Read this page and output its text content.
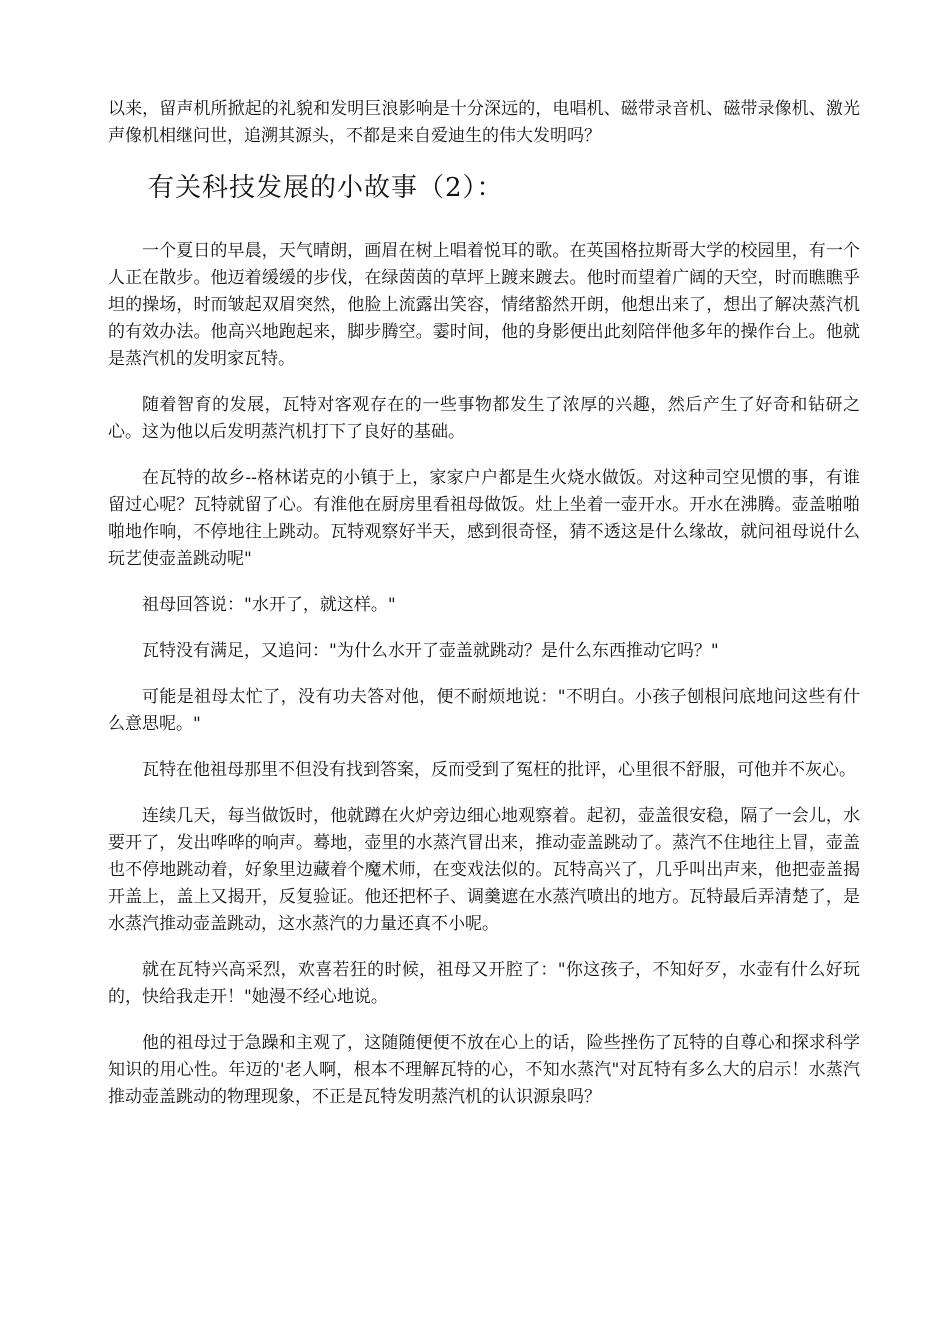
以来，留声机所掀起的礼貌和发明巨浪影响是十分深远的，电唱机、磁带录音机、磁带录像机、激光声像机相继问世，追溯其源头，不都是来自爱迪生的伟大发明吗？

有关科技发展的小故事（2）：

一个夏日的早晨，天气晴朗，画眉在树上唱着悦耳的歌。在英国格拉斯哥大学的校园里，有一个人正在散步。他迈着缓缓的步伐，在绿茵茵的草坪上踱来踱去。他时而望着广阔的天空，时而瞧瞧乎坦的操场，时而皱起双眉突然，他脸上流露出笑容，情绪豁然开朗，他想出来了，想出了解决蒸汽机的有效办法。他高兴地跑起来，脚步腾空。霎时间，他的身影便出此刻陪伴他多年的操作台上。他就是蒸汽机的发明家瓦特。

随着智育的发展，瓦特对客观存在的一些事物都发生了浓厚的兴趣，然后产生了好奇和钻研之心。这为他以后发明蒸汽机打下了良好的基础。

在瓦特的故乡--格林诺克的小镇于上，家家户户都是生火烧水做饭。对这种司空见惯的事，有谁留过心呢？瓦特就留了心。有淮他在厨房里看祖母做饭。灶上坐着一壶开水。开水在沸腾。壶盖啪啪啪地作响，不停地往上跳动。瓦特观察好半天，感到很奇怪，猜不透这是什么缘故，就问祖母说什么玩艺使壶盖跳动呢"

祖母回答说："水开了，就这样。"

瓦特没有满足，又追问："为什么水开了壶盖就跳动？是什么东西推动它吗？"

可能是祖母太忙了，没有功夫答对他，便不耐烦地说："不明白。小孩子刨根问底地问这些有什么意思呢。"

瓦特在他祖母那里不但没有找到答案，反而受到了冤枉的批评，心里很不舒服，可他并不灰心。

连续几天，每当做饭时，他就蹲在火炉旁边细心地观察着。起初，壶盖很安稳，隔了一会儿，水要开了，发出哗哗的响声。蓦地，壶里的水蒸汽冒出来，推动壶盖跳动了。蒸汽不住地往上冒，壶盖也不停地跳动着，好象里边藏着个魔术师，在变戏法似的。瓦特高兴了，几乎叫出声来，他把壶盖揭开盖上，盖上又揭开，反复验证。他还把杯子、调羹遮在水蒸汽喷出的地方。瓦特最后弄清楚了，是水蒸汽推动壶盖跳动，这水蒸汽的力量还真不小呢。

就在瓦特兴高采烈，欢喜若狂的时候，祖母又开腔了："你这孩子，不知好歹，水壶有什么好玩的，快给我走开！"她漫不经心地说。

他的祖母过于急躁和主观了，这随随便便不放在心上的话，险些挫伤了瓦特的自尊心和探求科学知识的用心性。年迈的'老人啊，根本不理解瓦特的心，不知水蒸汽"对瓦特有多么大的启示！水蒸汽推动壶盖跳动的物理现象，不正是瓦特发明蒸汽机的认识源泉吗？
